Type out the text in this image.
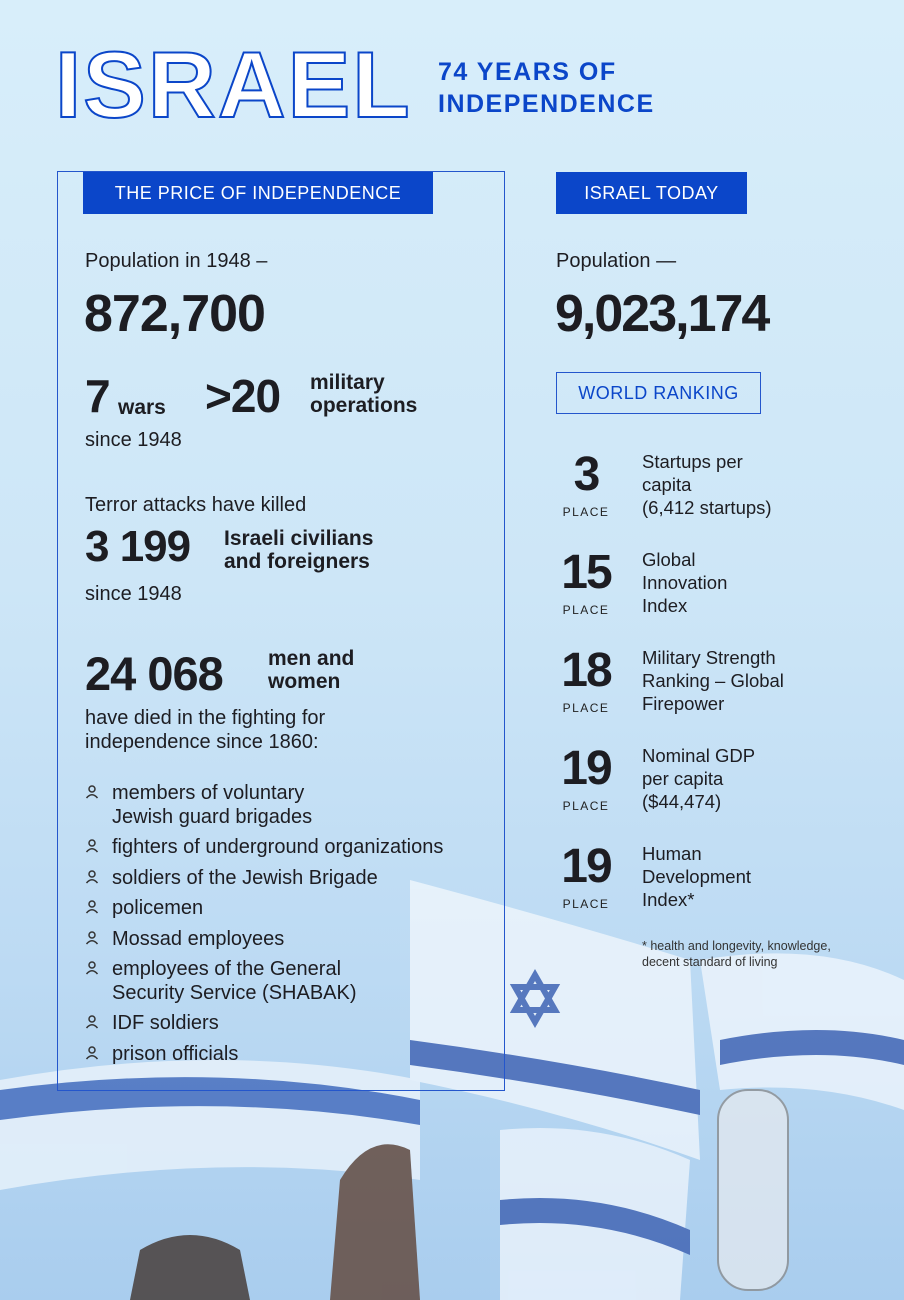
ISRAEL 74 YEARS OF
INDEPENDENCE
THE PRICE OF INDEPENDENCE
Population in 1948 –
872,700
7 wars >20 military
operations
since 1948
Terror attacks have killed
3 199 Israeli civilians
and foreigners
since 1948
24 068 men and
women
have died in the fighting for
independence since 1860:
members of voluntary
Jewish guard brigades
fighters of underground organizations
soldiers of the Jewish Brigade
policemen
Mossad employees
employees of the General
Security Service (SHABAK)
IDF soldiers
prison officials
ISRAEL TODAY
Population —
9,023,174
WORLD RANKING
3
PLACE
Startups per
capita
(6,412 startups)
15
PLACE
Global
Innovation
Index
18
PLACE
Military Strength
Ranking – Global
Firepower
19
PLACE
Nominal GDP
per capita
($44,474)
19
PLACE
Human
Development
Index*
* health and longevity, knowledge,
decent standard of living
